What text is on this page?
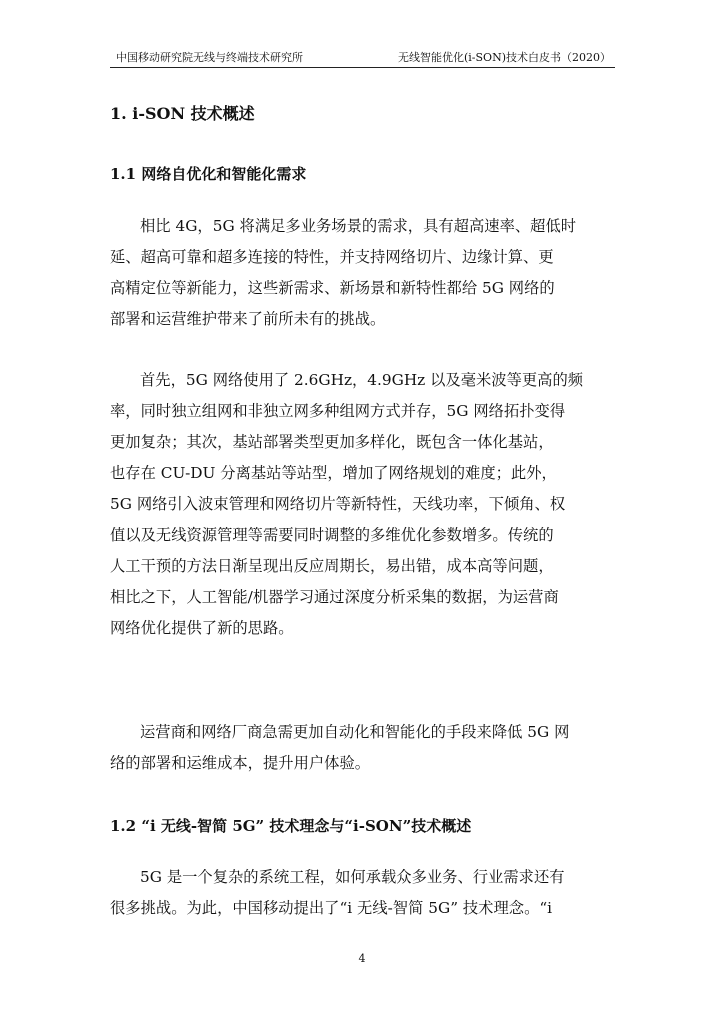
中国移动研究院无线与终端技术研究所	无线智能优化(i-SON)技术白皮书（2020）
1. i-SON 技术概述
1.1 网络自优化和智能化需求
相比 4G，5G 将满足多业务场景的需求，具有超高速率、超低时
延、超高可靠和超多连接的特性，并支持网络切片、边缘计算、更
高精定位等新能力，这些新需求、新场景和新特性都给 5G 网络的
部署和运营维护带来了前所未有的挑战。
首先，5G 网络使用了 2.6GHz，4.9GHz 以及毫米波等更高的频
率，同时独立组网和非独立网多种组网方式并存，5G 网络拓扑变得
更加复杂；其次，基站部署类型更加多样化，既包含一体化基站，
也存在 CU-DU 分离基站等站型，增加了网络规划的难度；此外，
5G 网络引入波束管理和网络切片等新特性，天线功率，下倾角、权
值以及无线资源管理等需要同时调整的多维优化参数增多。传统的
人工干预的方法日渐呈现出反应周期长，易出错，成本高等问题，
相比之下，人工智能/机器学习通过深度分析采集的数据，为运营商
网络优化提供了新的思路。
运营商和网络厂商急需更加自动化和智能化的手段来降低 5G 网
络的部署和运维成本，提升用户体验。
1.2 “i 无线-智简 5G” 技术理念与“i-SON”技术概述
5G 是一个复杂的系统工程，如何承载众多业务、行业需求还有
很多挑战。为此，中国移动提出了“i 无线-智简 5G” 技术理念。“i
4
